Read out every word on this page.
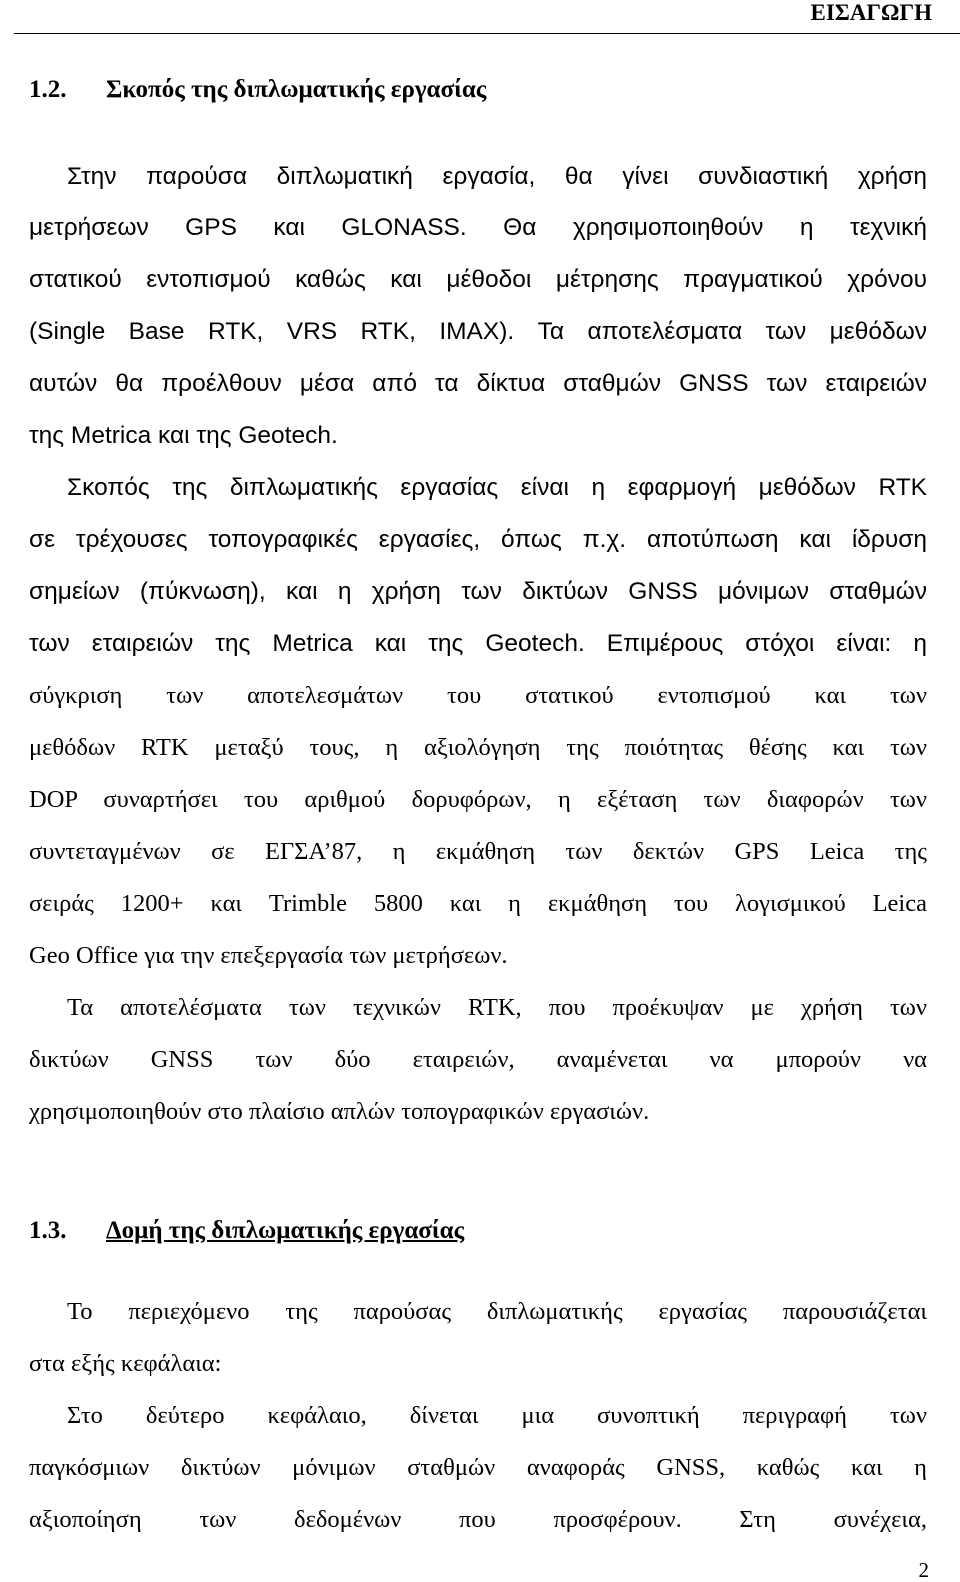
ΕΙΣΑΓΩΓΗ
1.2. Σκοπός της διπλωματικής εργασίας
Στην παρούσα διπλωματική εργασία, θα γίνει συνδιαστική χρήση
μετρήσεων GPS και GLONASS. Θα χρησιμοποιηθούν η τεχνική
στατικού εντοπισμού καθώς και μέθοδοι μέτρησης πραγματικού χρόνου
(Single Base RTK, VRS RTK, IMAX). Τα αποτελέσματα των μεθόδων
αυτών θα προέλθουν μέσα από τα δίκτυα σταθμών GNSS των εταιρειών
της Metrica και της Geotech.
Σκοπός της διπλωματικής εργασίας είναι η εφαρμογή μεθόδων RTK
σε τρέχουσες τοπογραφικές εργασίες, όπως π.χ. αποτύπωση και ίδρυση
σημείων (πύκνωση), και η χρήση των δικτύων GNSS μόνιμων σταθμών
των εταιρειών της Metrica και της Geotech. Επιμέρους στόχοι είναι: η
σύγκριση των αποτελεσμάτων του στατικού εντοπισμού και των
μεθόδων RTK μεταξύ τους, η αξιολόγηση της ποιότητας θέσης και των
DOP συναρτήσει του αριθμού δορυφόρων, η εξέταση των διαφορών των
συντεταγμένων σε ΕΓΣΑ’87, η εκμάθηση των δεκτών GPS Leica της
σειράς 1200+ και Trimble 5800 και η εκμάθηση του λογισμικού Leica
Geo Office για την επεξεργασία των μετρήσεων.
Τα αποτελέσματα των τεχνικών RTK, που προέκυψαν με χρήση των
δικτύων GNSS των δύο εταιρειών, αναμένεται να μπορούν να
χρησιμοποιηθούν στο πλαίσιο απλών τοπογραφικών εργασιών.
1.3. Δομή της διπλωματικής εργασίας
Το περιεχόμενο της παρούσας διπλωματικής εργασίας παρουσιάζεται
στα εξής κεφάλαια:
Στο δεύτερο κεφάλαιο, δίνεται μια συνοπτική περιγραφή των
παγκόσμιων δικτύων μόνιμων σταθμών αναφοράς GNSS, καθώς και η
αξιοποίηση των δεδομένων που προσφέρουν. Στη συνέχεια,
2
